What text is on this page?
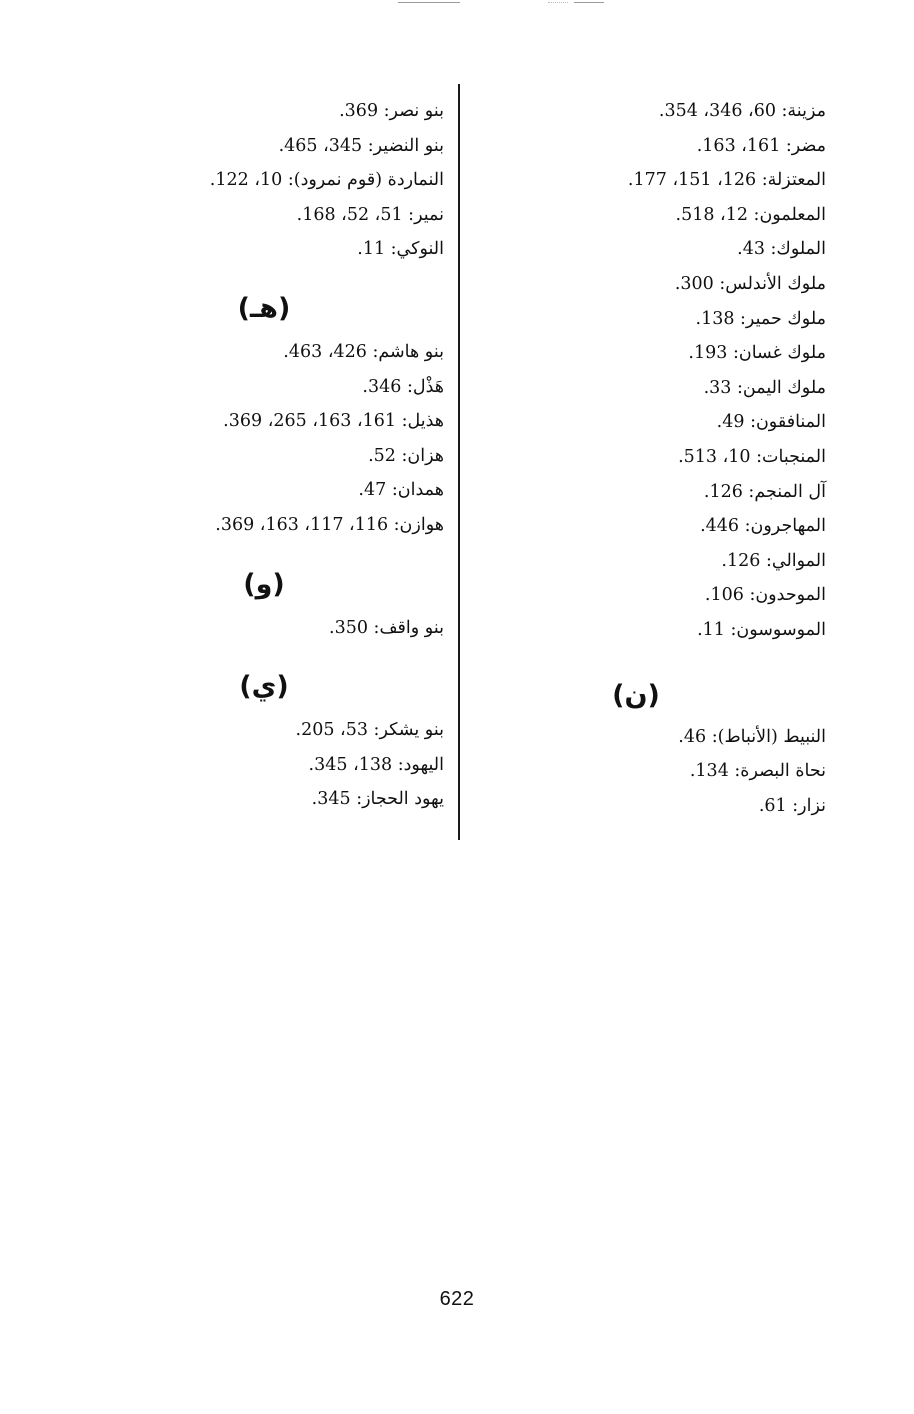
مزينة: 60، 346، 354.
مضر: 161، 163.
المعتزلة: 126، 151، 177.
المعلمون: 12، 518.
الملوك: 43.
ملوك الأندلس: 300.
ملوك حمير: 138.
ملوك غسان: 193.
ملوك اليمن: 33.
المنافقون: 49.
المنجبات: 10، 513.
آل المنجم: 126.
المهاجرون: 446.
الموالي: 126.
الموحدون: 106.
الموسوسون: 11.
(ن)
النبيط (الأنباط): 46.
نحاة البصرة: 134.
نزار: 61.
بنو نصر: 369.
بنو النضير: 345، 465.
النماردة (قوم نمرود): 10، 122.
نمير: 51، 52، 168.
النوكي: 11.
(هـ)
بنو هاشم: 426، 463.
هَذْل: 346.
هذيل: 161، 163، 265، 369.
هزان: 52.
همدان: 47.
هوازن: 116، 117، 163، 369.
(و)
بنو واقف: 350.
(ي)
بنو يشكر: 53، 205.
اليهود: 138، 345.
يهود الحجاز: 345.
622
